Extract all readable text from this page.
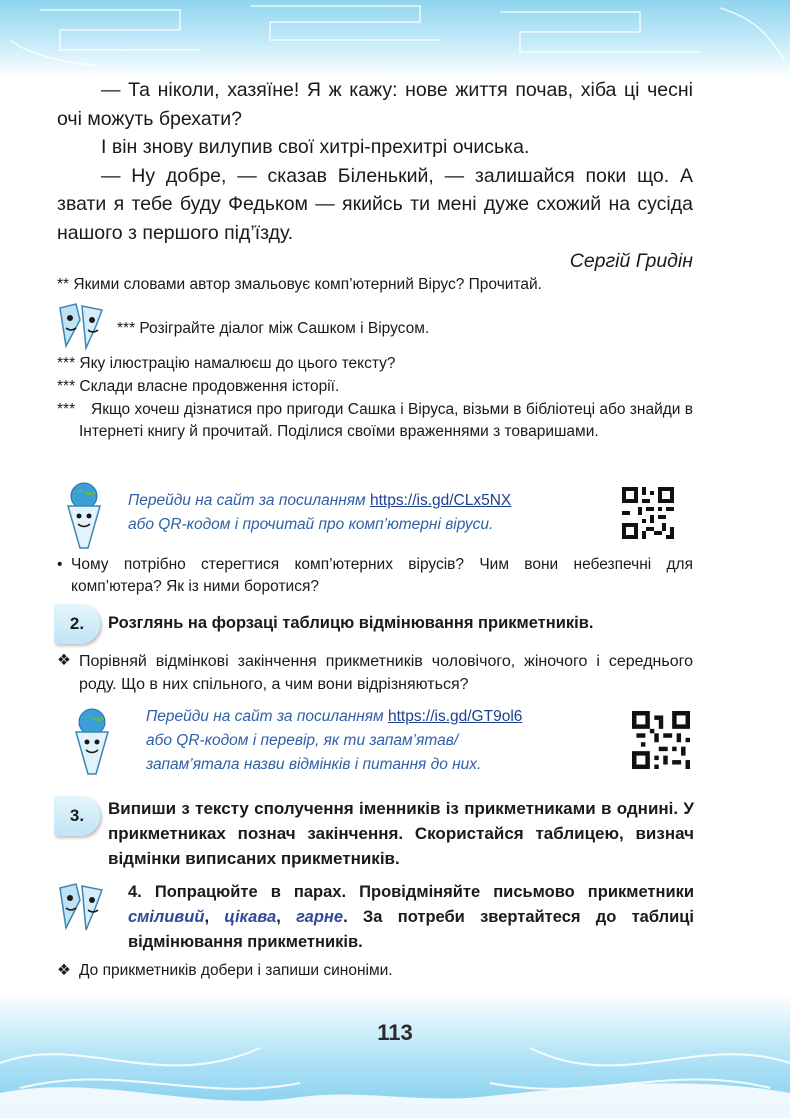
113

— Та ніколи, хазяїне! Я ж кажу: нове життя почав, хіба ці чесні очі можуть брехати?

І він знову вилупив свої хитрі-прехитрі очиська.

— Ну добре, — сказав Біленький, — залишайся поки що. А звати я тебе буду Федьком — якийсь ти мені дуже схожий на сусіда нашого з першого під’їзду.

Сергій Гридін

** Якими словами автор змальовує комп’ютерний Вірус? Прочитай.
*** Розіграйте діалог між Сашком і Вірусом.
*** Яку ілюстрацію намалюєш до цього тексту?
*** Склади власне продовження історії.
***	Якщо хочеш дізнатися про пригоди Сашка і Віруса, візьми в бібліотеці або знайди в Інтернеті книгу й прочитай. Поділися своїми враженнями з товаришами.
Перейди на сайт за посиланням https://is.gd/CLx5NX
або QR-кодом і прочитай про комп’ютерні віруси.
• Чому потрібно стерегтися комп’ютерних вірусів? Чим вони небезпечні для комп’ютера? Як із ними боротися?
2.	Розглянь на форзаці таблицю відмінювання прикметників.
❖ Порівняй відмінкові закінчення прикметників чоловічого, жіночого і середнього роду. Що в них спільного, а чим вони відрізняються?
Перейди на сайт за посиланням https://is.gd/GT9ol6
або QR-кодом і перевір, як ти запам’ятав/
запам’ятала назви відмінків і питання до них.
3.	Випиши з тексту сполучення іменників із прикметниками в однині. У прикметниках познач закінчення. Скористайся таблицею, визнач відмінки виписаних прикметників.
4. Попрацюйте в парах. Провідміняйте письмово прикметники сміливий, цікава, гарне. За потреби звертайтеся до таблиці відмінювання прикметників.
❖ До прикметників добери і запиши синоніми.
